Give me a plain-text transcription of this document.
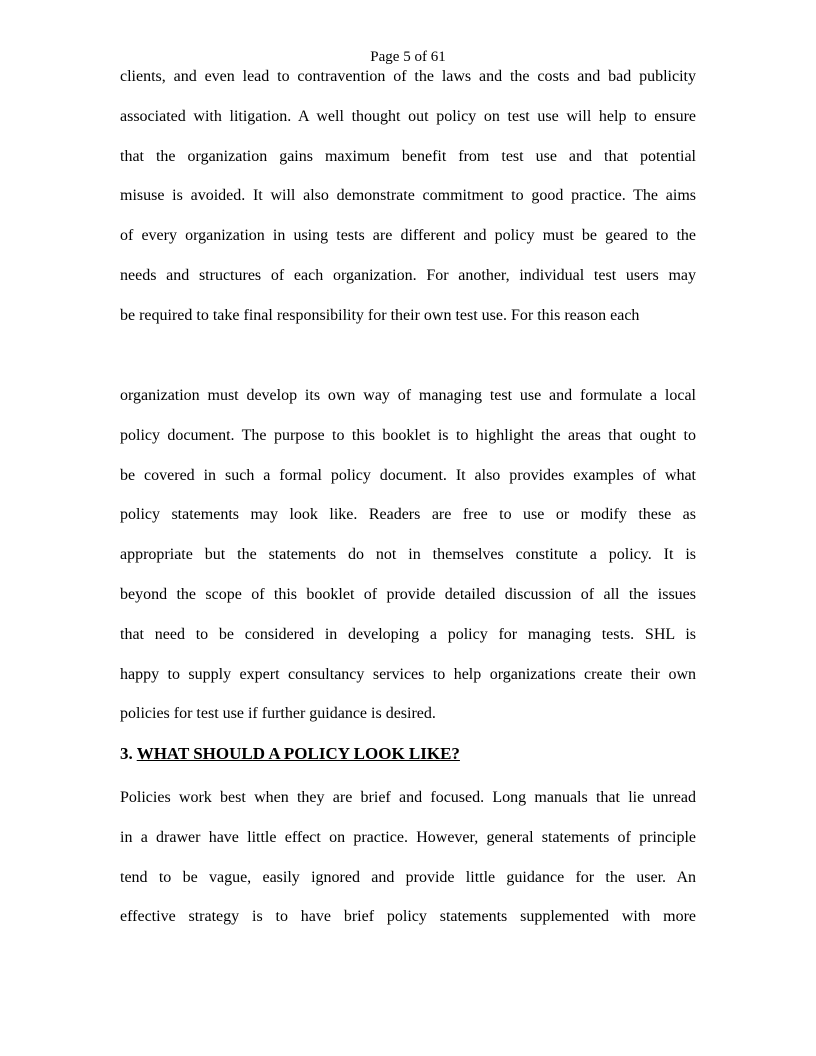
Page 5 of 61
clients, and even lead to contravention of the laws and the costs and bad publicity
associated with litigation. A well thought out policy on test use will help to ensure
that the organization gains maximum benefit from test use and that potential
misuse is avoided. It will also demonstrate commitment to good practice. The aims
of every organization in using tests are different and policy must be geared to the
needs and structures of each organization. For another, individual test users may
be required to take final responsibility for their own test use. For this reason each
organization must develop its own way of managing test use and formulate a local
policy document. The purpose to this booklet is to highlight the areas that ought to
be covered in such a formal policy document. It also provides examples of what
policy statements may look like. Readers are free to use or modify these as
appropriate but the statements do not in themselves constitute a policy. It is
beyond the scope of this booklet of provide detailed discussion of all the issues
that need to be considered in developing a policy for managing tests. SHL is
happy to supply expert consultancy services to help organizations create their own
policies for test use if further guidance is desired.
3. WHAT SHOULD A POLICY LOOK LIKE?
Policies work best when they are brief and focused. Long manuals that lie unread
in a drawer have little effect on practice. However, general statements of principle
tend to be vague, easily ignored and provide little guidance for the user. An
effective strategy is to have brief policy statements supplemented with more
